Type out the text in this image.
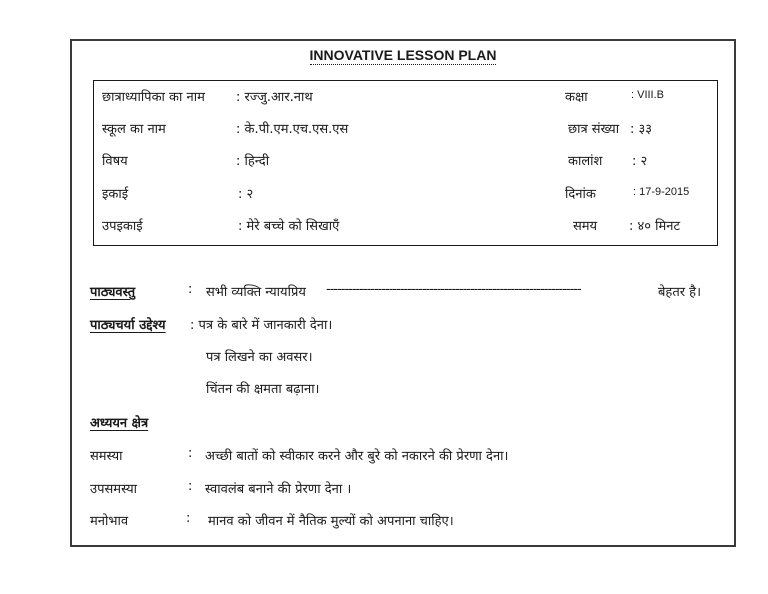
INNOVATIVE LESSON PLAN
छात्राध्यापिका का नाम : रज्जु.आर.नाथ
स्कूल का नाम	: के.पी.एम.एच.एस.एस
विषय	: हिन्दी
इकाई	: २
उपइकाई	: मेरे बच्चे को सिखाएँ
कक्षा	: VIII.B
छात्र संख्या : ३३
कालांश : २
दिनांक	: 17-9-2015
समय : ४० मिनट
पाठ्यवस्तु	: सभी व्यक्ति न्यायप्रिय ---------------------------------------------------------------------	बेहतर है।
पाठ्यचर्या उद्देश्य : पत्र के बारे में जानकारी देना।
पत्र लिखने का अवसर।
चिंतन की क्षमता बढ़ाना।
अध्ययन क्षेत्र
समस्या	: अच्छी बातों को स्वीकार करने और बुरे को नकारने की प्रेरणा देना।
उपसमस्या	: स्वावलंब बनाने की प्रेरणा देना ।
मनोभाव	: मानव को जीवन में नैतिक मुल्यों को अपनाना चाहिए।
